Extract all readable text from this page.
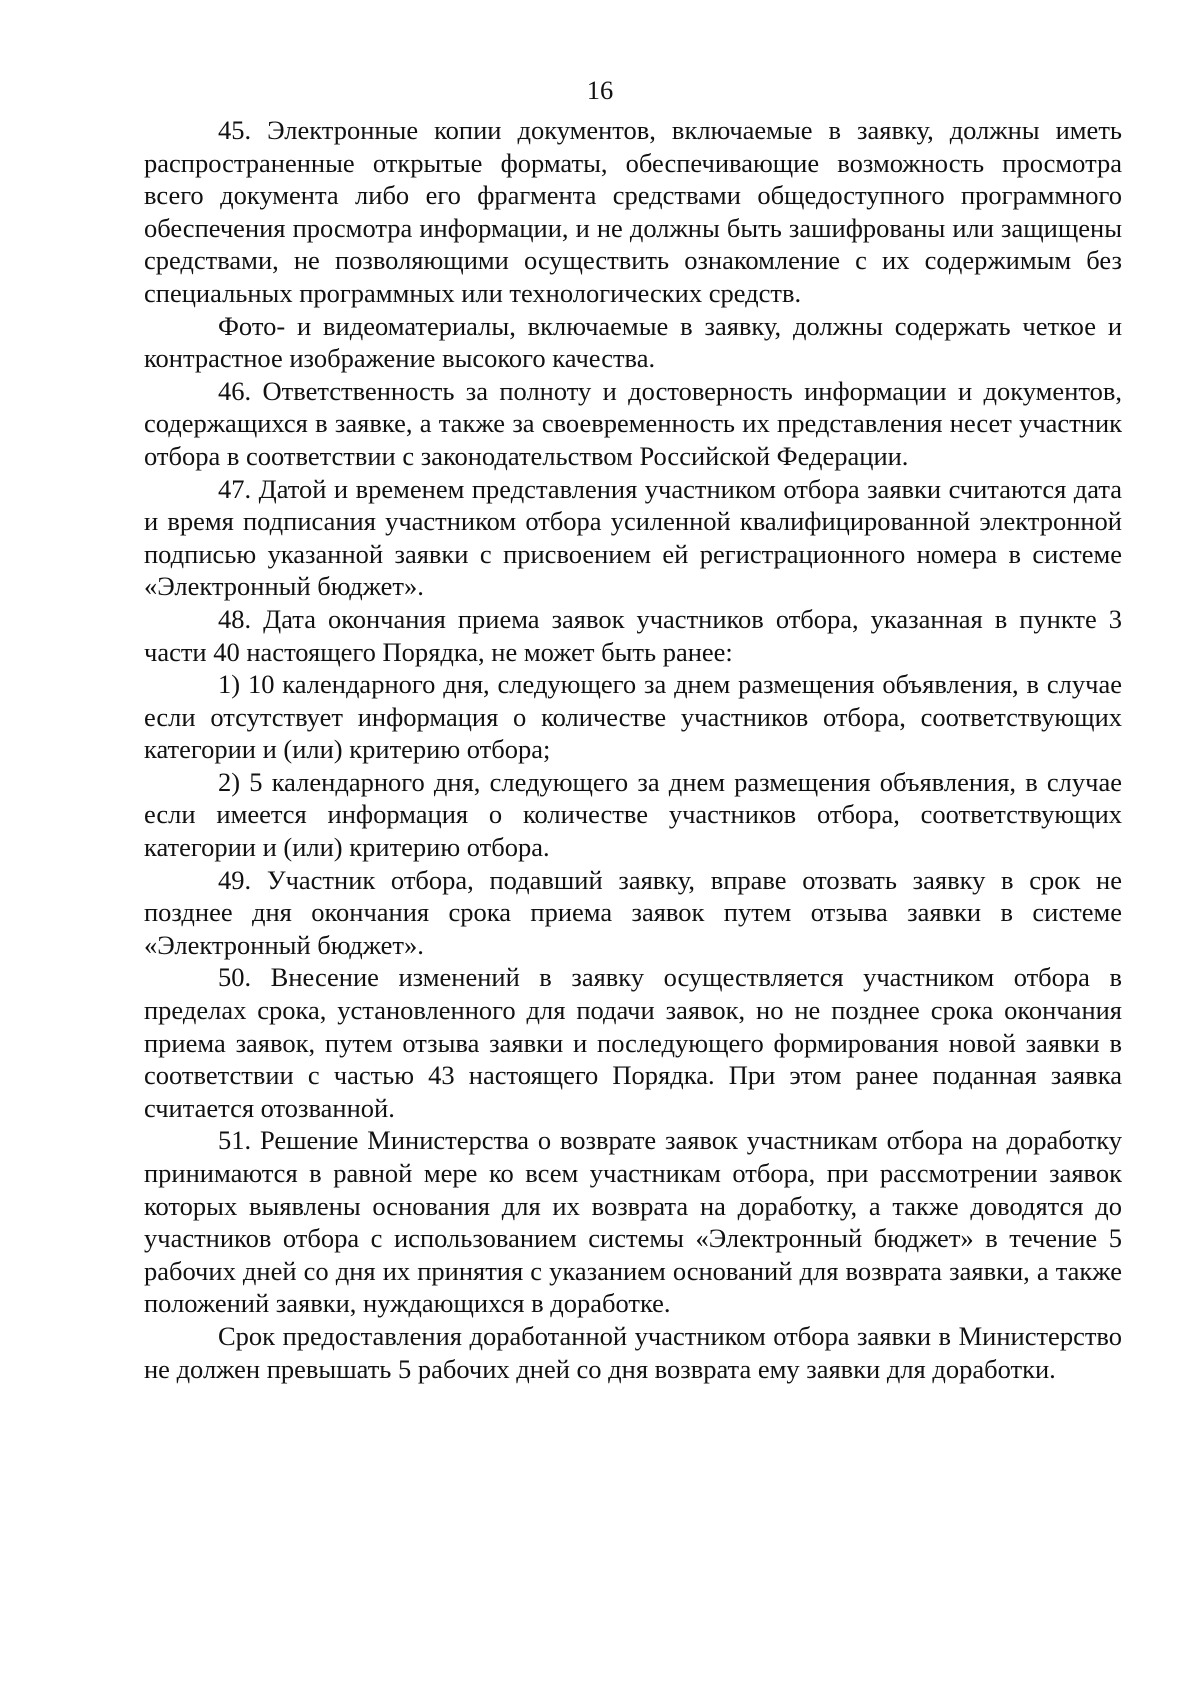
16

45. Электронные копии документов, включаемые в заявку, должны иметь распространенные открытые форматы, обеспечивающие возможность просмотра всего документа либо его фрагмента средствами общедоступного программного обеспечения просмотра информации, и не должны быть зашифрованы или защищены средствами, не позволяющими осуществить ознакомление с их содержимым без специальных программных или технологических средств.

Фото- и видеоматериалы, включаемые в заявку, должны содержать четкое и контрастное изображение высокого качества.

46. Ответственность за полноту и достоверность информации и документов, содержащихся в заявке, а также за своевременность их представления несет участник отбора в соответствии с законодательством Российской Федерации.

47. Датой и временем представления участником отбора заявки считаются дата и время подписания участником отбора усиленной квалифицированной электронной подписью указанной заявки с присвоением ей регистрационного номера в системе «Электронный бюджет».

48. Дата окончания приема заявок участников отбора, указанная в пункте 3 части 40 настоящего Порядка, не может быть ранее:

1) 10 календарного дня, следующего за днем размещения объявления, в случае если отсутствует информация о количестве участников отбора, соответствующих категории и (или) критерию отбора;

2) 5 календарного дня, следующего за днем размещения объявления, в случае если имеется информация о количестве участников отбора, соответствующих категории и (или) критерию отбора.

49. Участник отбора, подавший заявку, вправе отозвать заявку в срок не позднее дня окончания срока приема заявок путем отзыва заявки в системе «Электронный бюджет».

50. Внесение изменений в заявку осуществляется участником отбора в пределах срока, установленного для подачи заявок, но не позднее срока окончания приема заявок, путем отзыва заявки и последующего формирования новой заявки в соответствии с частью 43 настоящего Порядка. При этом ранее поданная заявка считается отозванной.

51. Решение Министерства о возврате заявок участникам отбора на доработку принимаются в равной мере ко всем участникам отбора, при рассмотрении заявок которых выявлены основания для их возврата на доработку, а также доводятся до участников отбора с использованием системы «Электронный бюджет» в течение 5 рабочих дней со дня их принятия с указанием оснований для возврата заявки, а также положений заявки, нуждающихся в доработке.

Срок предоставления доработанной участником отбора заявки в Министерство не должен превышать 5 рабочих дней со дня возврата ему заявки для доработки.
